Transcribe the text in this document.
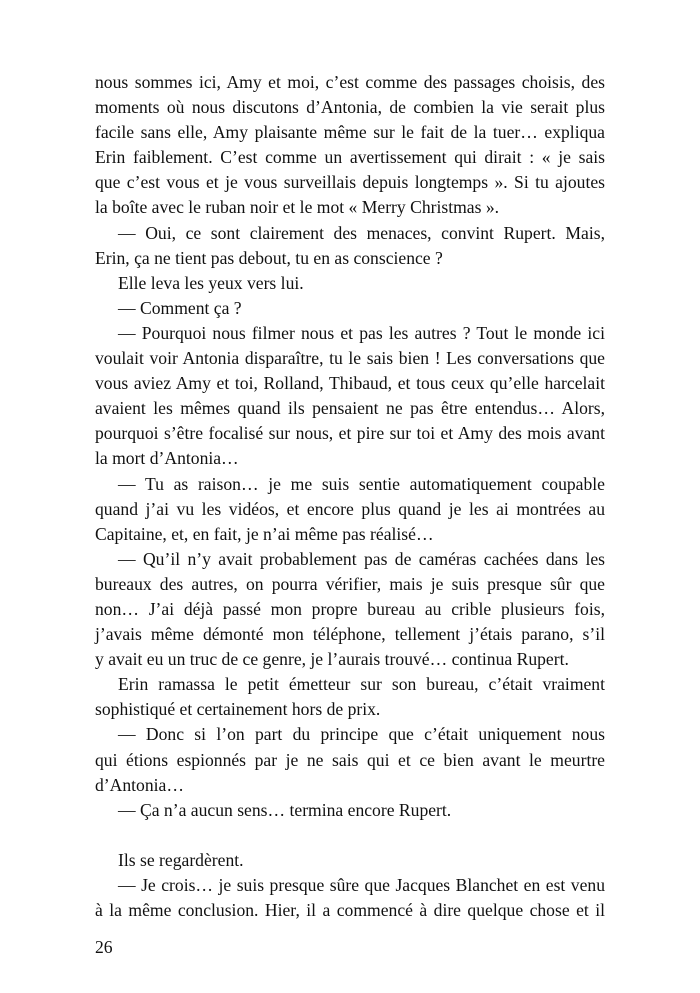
nous sommes ici, Amy et moi, c’est comme des passages choisis, des
moments où nous discutons d’Antonia, de combien la vie serait plus
facile sans elle, Amy plaisante même sur le fait de la tuer… expliqua
Erin faiblement. C’est comme un avertissement qui dirait : « je sais
que c’est vous et je vous surveillais depuis longtemps ». Si tu ajoutes
la boîte avec le ruban noir et le mot « Merry Christmas ».
— Oui, ce sont clairement des menaces, convint Rupert. Mais,
Erin, ça ne tient pas debout, tu en as conscience ?
Elle leva les yeux vers lui.
— Comment ça ?
— Pourquoi nous filmer nous et pas les autres ? Tout le monde ici
voulait voir Antonia disparaître, tu le sais bien ! Les conversations que
vous aviez Amy et toi, Rolland, Thibaud, et tous ceux qu’elle harcelait
avaient les mêmes quand ils pensaient ne pas être entendus… Alors,
pourquoi s’être focalisé sur nous, et pire sur toi et Amy des mois avant
la mort d’Antonia…
— Tu as raison… je me suis sentie automatiquement coupable
quand j’ai vu les vidéos, et encore plus quand je les ai montrées au
Capitaine, et, en fait, je n’ai même pas réalisé…
— Qu’il n’y avait probablement pas de caméras cachées dans les
bureaux des autres, on pourra vérifier, mais je suis presque sûr que
non… J’ai déjà passé mon propre bureau au crible plusieurs fois,
j’avais même démonté mon téléphone, tellement j’étais parano, s’il
y avait eu un truc de ce genre, je l’aurais trouvé… continua Rupert.
Erin ramassa le petit émetteur sur son bureau, c’était vraiment
sophistiqué et certainement hors de prix.
— Donc si l’on part du principe que c’était uniquement nous
qui étions espionnés par je ne sais qui et ce bien avant le meurtre
d’Antonia…
— Ça n’a aucun sens… termina encore Rupert.
Ils se regardèrent.
— Je crois… je suis presque sûre que Jacques Blanchet en est venu
à la même conclusion. Hier, il a commencé à dire quelque chose et il
26
